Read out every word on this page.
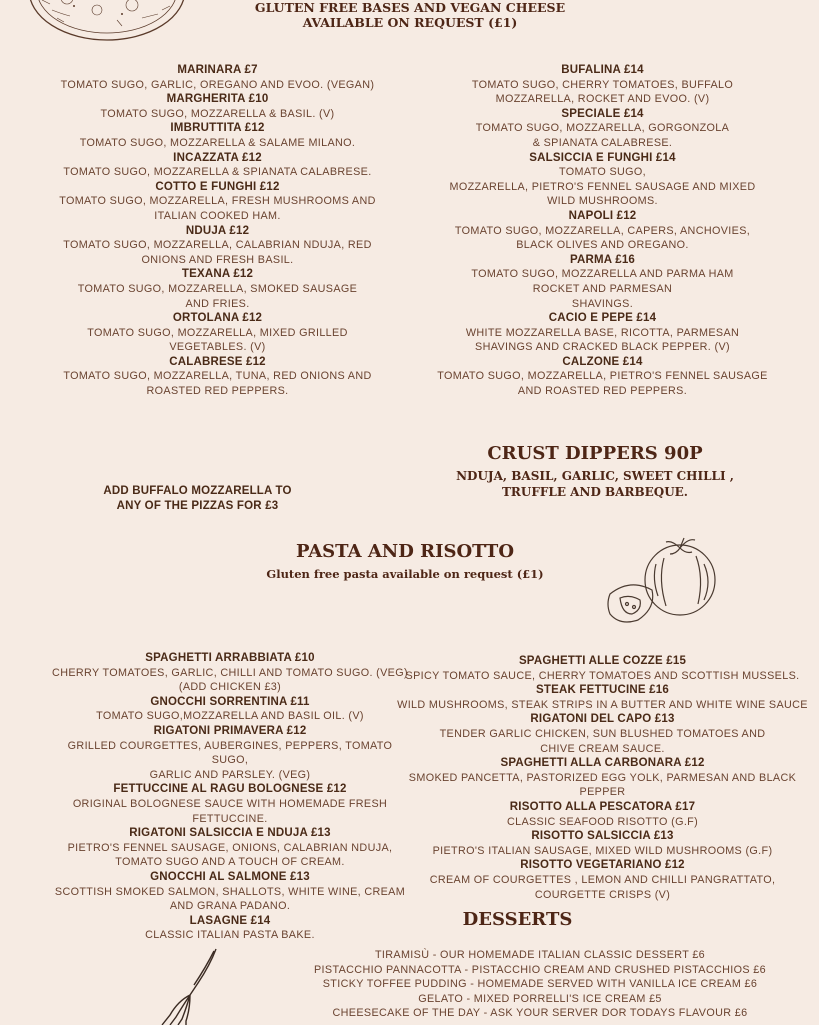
GLUTEN FREE BASES AND VEGAN CHEESE
AVAILABLE ON REQUEST (£1)
MARINARA £7
TOMATO SUGO, GARLIC, OREGANO AND EVOO. (VEGAN)
MARGHERITA £10
TOMATO SUGO, MOZZARELLA & BASIL. (V)
IMBRUTTITA £12
TOMATO SUGO, MOZZARELLA & SALAME MILANO.
INCAZZATA £12
TOMATO SUGO, MOZZARELLA & SPIANATA CALABRESE.
COTTO E FUNGHI £12
TOMATO SUGO, MOZZARELLA, FRESH MUSHROOMS AND
ITALIAN COOKED HAM.
NDUJA £12
TOMATO SUGO, MOZZARELLA, CALABRIAN NDUJA, RED
ONIONS AND FRESH BASIL.
TEXANA £12
TOMATO SUGO, MOZZARELLA, SMOKED SAUSAGE
AND FRIES.
ORTOLANA £12
TOMATO SUGO, MOZZARELLA, MIXED GRILLED
VEGETABLES. (V)
CALABRESE £12
TOMATO SUGO, MOZZARELLA, TUNA, RED ONIONS AND
ROASTED RED PEPPERS.
BUFALINA £14
TOMATO SUGO, CHERRY TOMATOES, BUFFALO
MOZZARELLA, ROCKET AND EVOO. (V)
SPECIALE £14
TOMATO SUGO, MOZZARELLA, GORGONZOLA
& SPIANATA CALABRESE.
SALSICCIA E FUNGHI £14
TOMATO SUGO,
MOZZARELLA, PIETRO'S FENNEL SAUSAGE AND MIXED
WILD MUSHROOMS.
NAPOLI £12
TOMATO SUGO, MOZZARELLA, CAPERS, ANCHOVIES,
BLACK OLIVES AND OREGANO.
PARMA £16
TOMATO SUGO, MOZZARELLA AND PARMA HAM
ROCKET AND PARMESAN
SHAVINGS.
CACIO E PEPE £14
WHITE MOZZARELLA BASE, RICOTTA, PARMESAN
SHAVINGS AND CRACKED BLACK PEPPER. (V)
CALZONE £14
TOMATO SUGO, MOZZARELLA, PIETRO'S FENNEL SAUSAGE
AND ROASTED RED PEPPERS.
ADD BUFFALO MOZZARELLA TO
ANY OF THE PIZZAS FOR £3
CRUST DIPPERS 90P
NDUJA, BASIL, GARLIC, SWEET CHILLI ,
TRUFFLE AND BARBEQUE.
PASTA AND RISOTTO
Gluten free pasta available on request (£1)
SPAGHETTI ARRABBIATA £10
CHERRY TOMATOES, GARLIC, CHILLI AND TOMATO SUGO. (VEG)
(ADD CHICKEN £3)
GNOCCHI SORRENTINA £11
TOMATO SUGO,MOZZARELLA AND BASIL OIL. (V)
RIGATONI PRIMAVERA £12
GRILLED COURGETTES, AUBERGINES, PEPPERS, TOMATO SUGO,
GARLIC AND PARSLEY. (VEG)
FETTUCCINE AL RAGU BOLOGNESE £12
ORIGINAL BOLOGNESE SAUCE WITH HOMEMADE FRESH
FETTUCCINE.
RIGATONI SALSICCIA E NDUJA £13
PIETRO'S FENNEL SAUSAGE, ONIONS, CALABRIAN NDUJA,
TOMATO SUGO AND A TOUCH OF CREAM.
GNOCCHI AL SALMONE £13
SCOTTISH SMOKED SALMON, SHALLOTS, WHITE WINE, CREAM
AND GRANA PADANO.
LASAGNE £14
CLASSIC ITALIAN PASTA BAKE.
SPAGHETTI ALLE COZZE £15
SPICY TOMATO SAUCE, CHERRY TOMATOES AND SCOTTISH MUSSELS.
STEAK FETTUCINE £16
WILD MUSHROOMS, STEAK STRIPS IN A BUTTER AND WHITE WINE SAUCE
RIGATONI DEL CAPO £13
TENDER GARLIC CHICKEN, SUN BLUSHED TOMATOES AND
CHIVE CREAM SAUCE.
SPAGHETTI ALLA CARBONARA £12
SMOKED PANCETTA, PASTORIZED EGG YOLK, PARMESAN AND BLACK PEPPER
RISOTTO ALLA PESCATORA £17
CLASSIC SEAFOOD RISOTTO (G.F)
RISOTTO SALSICCIA £13
PIETRO'S ITALIAN SAUSAGE, MIXED WILD MUSHROOMS (G.F)
RISOTTO VEGETARIANO £12
CREAM OF COURGETTES , LEMON AND CHILLI PANGRATTATO,
COURGETTE CRISPS (V)
DESSERTS
TIRAMISÙ - OUR HOMEMADE ITALIAN CLASSIC DESSERT £6
PISTACCHIO PANNACOTTA - PISTACCHIO CREAM AND CRUSHED PISTACCHIOS £6
STICKY TOFFEE PUDDING - HOMEMADE SERVED WITH VANILLA ICE CREAM £6
GELATO - MIXED PORRELLI'S ICE CREAM £5
CHEESECAKE OF THE DAY - ASK YOUR SERVER DOR TODAYS FLAVOUR £6
